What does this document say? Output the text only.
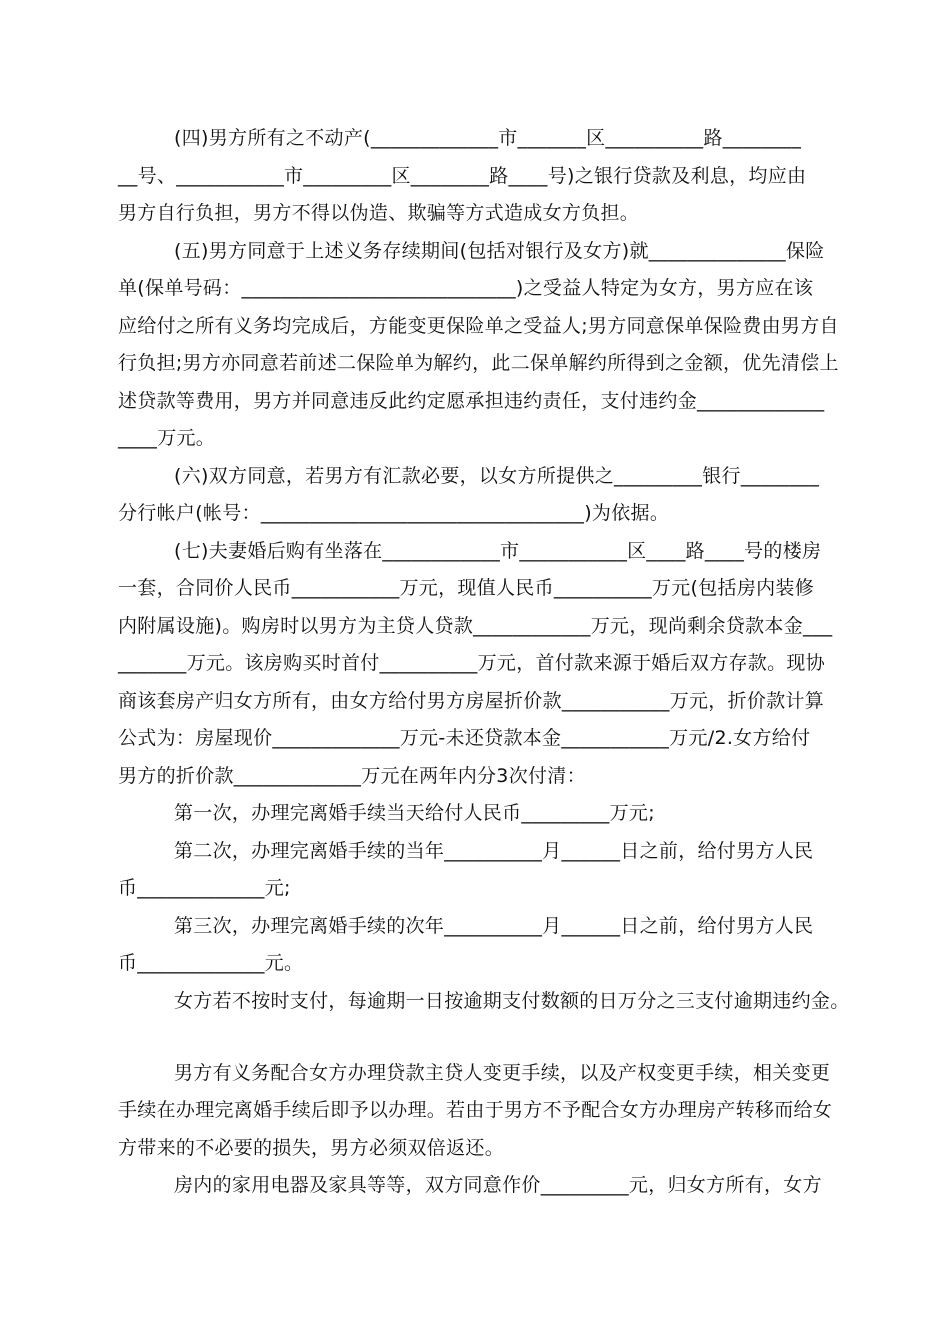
(四)男方所有之不动产(_____________市_______区__________路________
__号、___________市_________区________路____号)之银行贷款及利息，均应由
男方自行负担，男方不得以伪造、欺骗等方式造成女方负担。
(五)男方同意于上述义务存续期间(包括对银行及女方)就______________保险
单(保单号码：____________________________)之受益人特定为女方，男方应在该
应给付之所有义务均完成后，方能变更保险单之受益人;男方同意保单保险费由男方自
行负担;男方亦同意若前述二保险单为解约，此二保单解约所得到之金额，优先清偿上
述贷款等费用，男方并同意违反此约定愿承担违约责任，支付违约金_____________
____万元。
(六)双方同意，若男方有汇款必要，以女方所提供之_________银行________
分行帐户(帐号：_________________________________)为依据。
(七)夫妻婚后购有坐落在____________市___________区____路____号的楼房
一套，合同价人民币___________万元，现值人民币__________万元(包括房内装修
内附属设施)。购房时以男方为主贷人贷款____________万元，现尚剩余贷款本金___
_______万元。该房购买时首付__________万元，首付款来源于婚后双方存款。现协
商该套房产归女方所有，由女方给付男方房屋折价款___________万元，折价款计算
公式为：房屋现价_____________万元-未还贷款本金___________万元/2.女方给付
男方的折价款_____________万元在两年内分3次付清：
第一次，办理完离婚手续当天给付人民币_________万元;
第二次，办理完离婚手续的当年__________月______日之前，给付男方人民
币_____________元;
第三次，办理完离婚手续的次年__________月______日之前，给付男方人民
币_____________元。
女方若不按时支付，每逾期一日按逾期支付数额的日万分之三支付逾期违约金。
男方有义务配合女方办理贷款主贷人变更手续，以及产权变更手续，相关变更
手续在办理完离婚手续后即予以办理。若由于男方不予配合女方办理房产转移而给女
方带来的不必要的损失，男方必须双倍返还。
房内的家用电器及家具等等，双方同意作价_________元，归女方所有，女方
